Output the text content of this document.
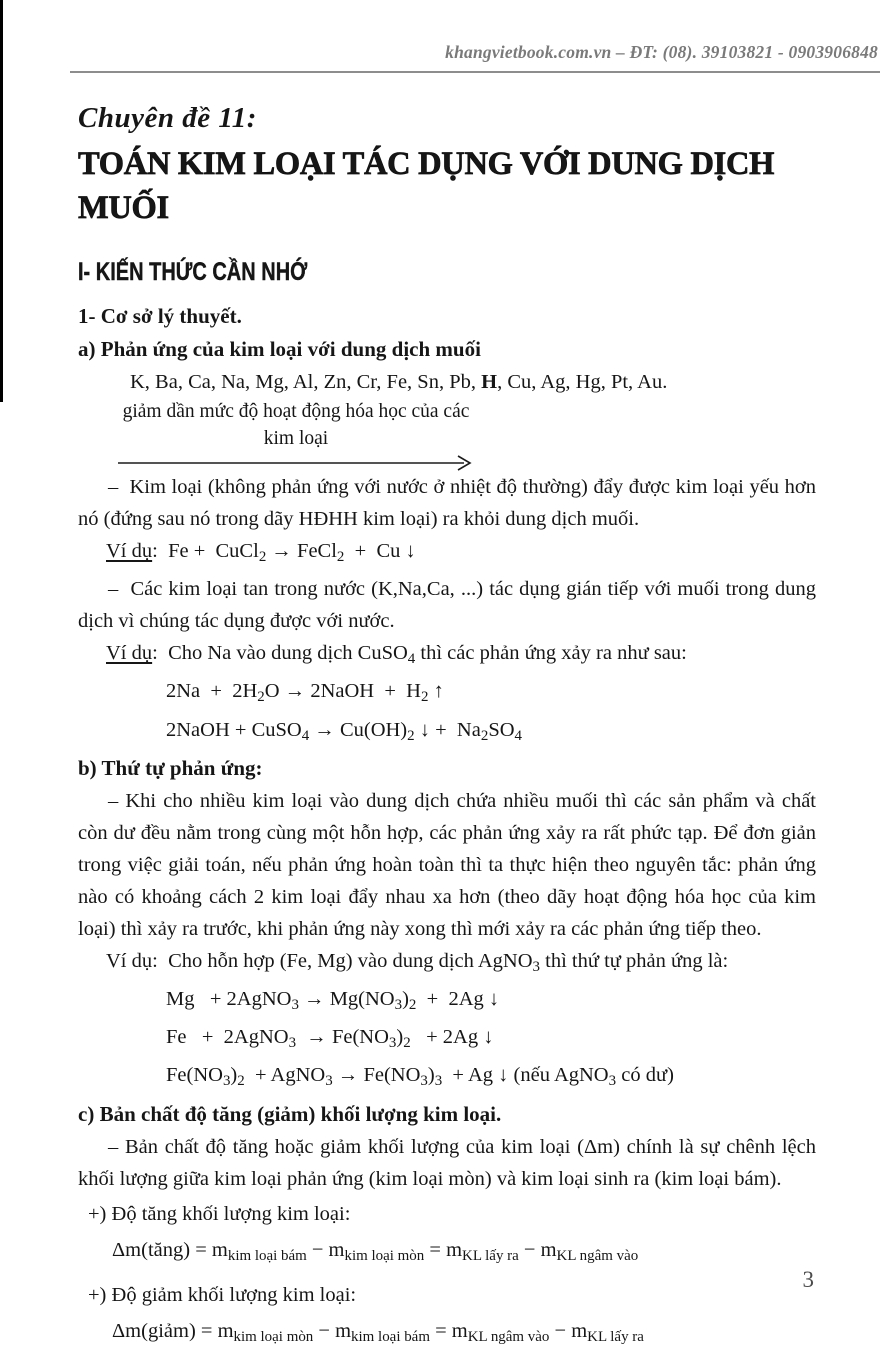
khangvietbook.com.vn – ĐT: (08). 39103821 - 0903906848
Chuyên đề 11:
TOÁN KIM LOẠI TÁC DỤNG VỚI DUNG DỊCH MUỐI
I- KIẾN THỨC CẦN NHỚ
1- Cơ sở lý thuyết.
a) Phản ứng của kim loại với dung dịch muối
K, Ba, Ca, Na, Mg, Al, Zn, Cr, Fe, Sn, Pb, H, Cu, Ag, Hg, Pt, Au.
giảm dần mức độ hoạt động hóa học của các kim loại
–  Kim loại (không phản ứng với nước ở nhiệt độ thường) đẩy được kim loại yếu hơn nó (đứng sau nó trong dãy HĐHH kim loại) ra khỏi dung dịch muối.
Ví dụ:  Fe +  CuCl$_2$ → FeCl$_2$  +  Cu ↓
–  Các kim loại tan trong nước (K,Na,Ca, ...) tác dụng gián tiếp với muối trong dung dịch vì chúng tác dụng được với nước.
Ví dụ:  Cho Na vào dung dịch CuSO$_4$ thì các phản ứng xảy ra như sau:
$2Na + 2H_2O$ → 2NaOH  +  $H_2$ ↑
2NaOH + CuSO$_4$ → $Cu(OH)_2$ ↓ +  $Na_2SO_4$
b) Thứ tự phản ứng:
– Khi cho nhiều kim loại vào dung dịch chứa nhiều muối thì các sản phẩm và chất còn dư đều nằm trong cùng một hỗn hợp, các phản ứng xảy ra rất phức tạp. Để đơn giản trong việc giải toán, nếu phản ứng hoàn toàn thì ta thực hiện theo nguyên tắc: phản ứng nào có khoảng cách 2 kim loại đẩy nhau xa hơn (theo dãy hoạt động hóa học của kim loại) thì xảy ra trước, khi phản ứng này xong thì mới xảy ra các phản ứng tiếp theo.
Ví dụ:  Cho hỗn hợp (Fe, Mg) vào dung dịch AgNO$_3$ thì thứ tự phản ứng là:
Mg   + 2AgNO$_3$ → $Mg(NO_3)_2 + 2Ag$ ↓
Fe   +  2AgNO$_3$  → $Fe(NO_3)_2 + 2Ag$ ↓
$Fe(NO_3)_2$  + AgNO$_3$ → $Fe(NO_3)_3 + Ag$ ↓ (nếu AgNO$_3$ có dư)
c) Bản chất độ tăng (giảm) khối lượng kim loại.
– Bản chất độ tăng hoặc giảm khối lượng của kim loại (Δm) chính là sự chênh lệch khối lượng giữa kim loại phản ứng (kim loại mòn) và kim loại sinh ra (kim loại bám).
+) Độ tăng khối lượng kim loại:
Δm(tăng) = $m_{kim loại bám} - m_{kim loại mòn} = m_{KL lấy ra} - m_{KL ngâm vào}$
+) Độ giảm khối lượng kim loại:
Δm(giảm) = $m_{kim loại mòn} - m_{kim loại bám} = m_{KL ngâm vào} - m_{KL lấy ra}$
3
